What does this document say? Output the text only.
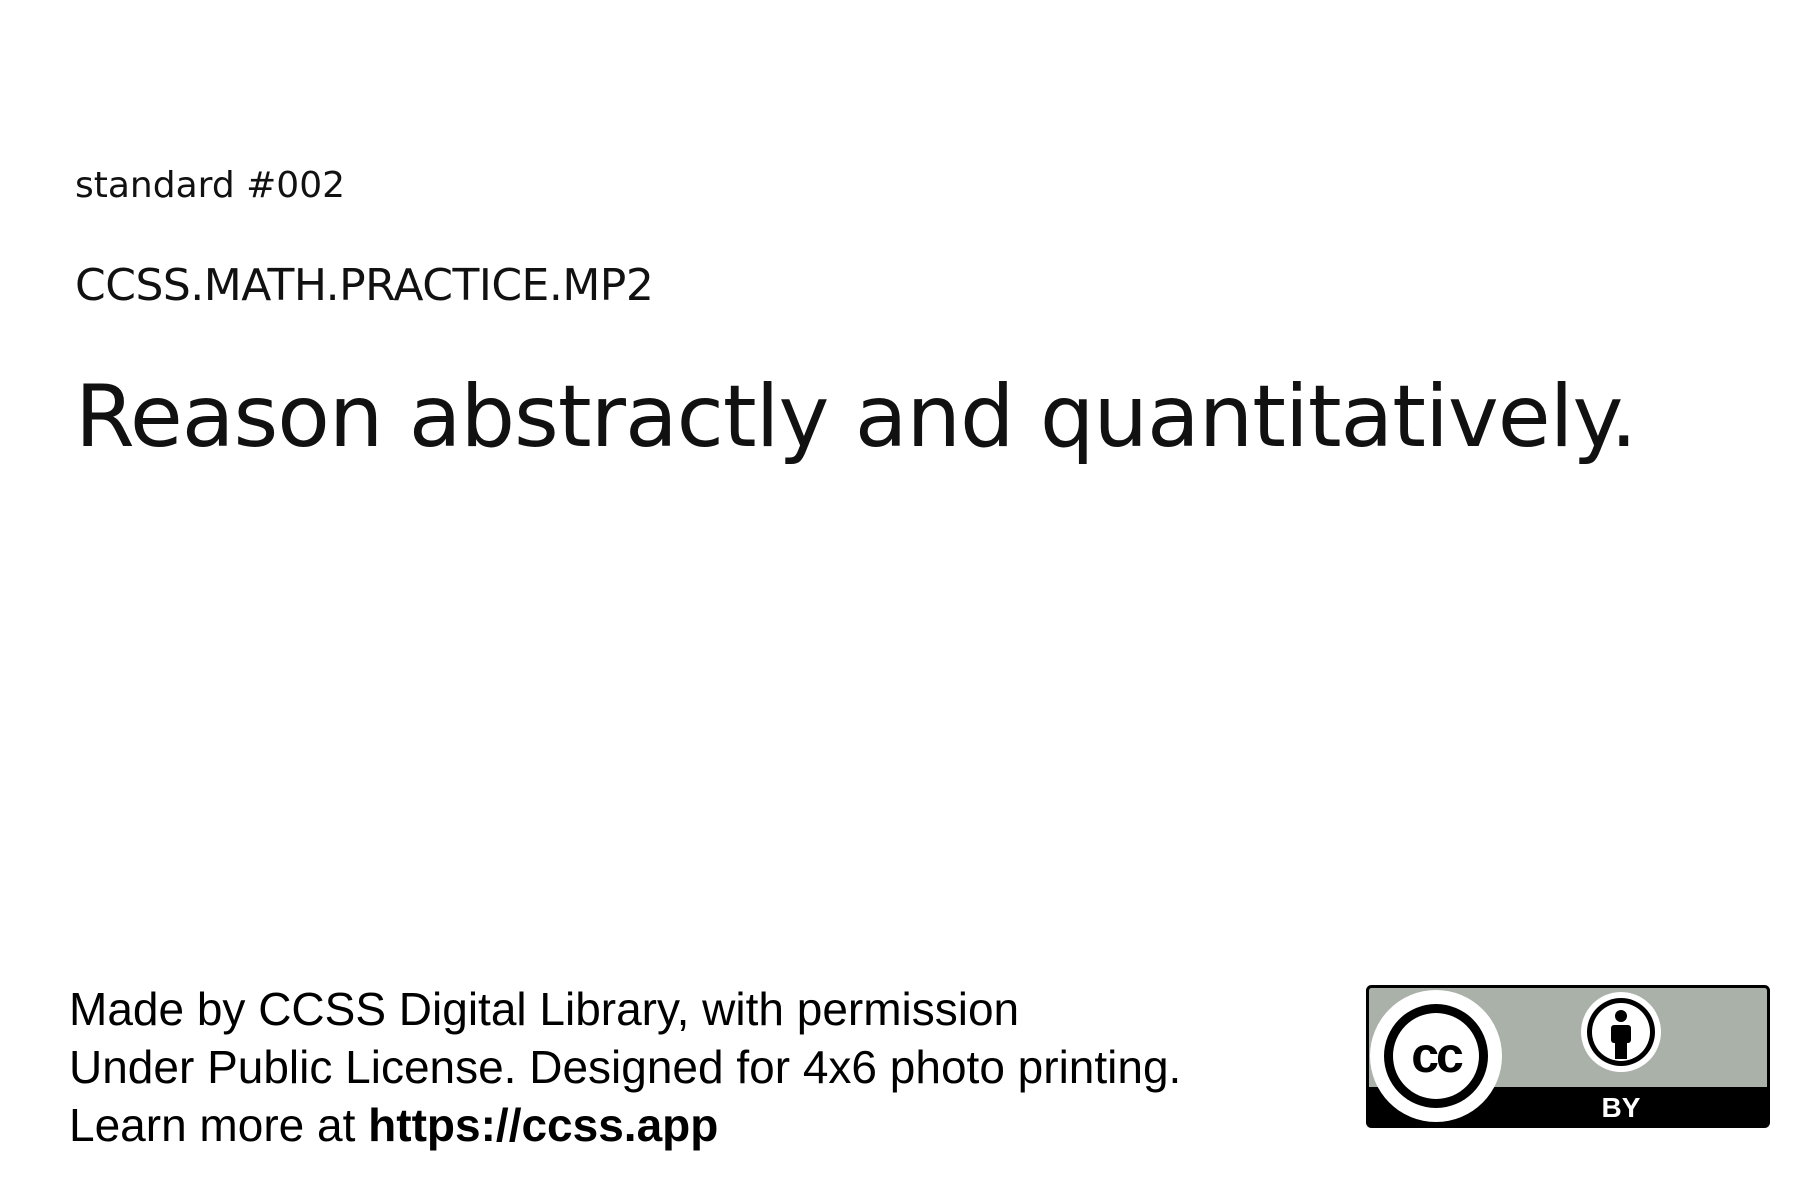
standard #002
CCSS.MATH.PRACTICE.MP2
Reason abstractly and quantitatively.
Made by CCSS Digital Library, with permission
Under Public License. Designed for 4x6 photo printing.
Learn more at https://ccss.app
cc
BY
